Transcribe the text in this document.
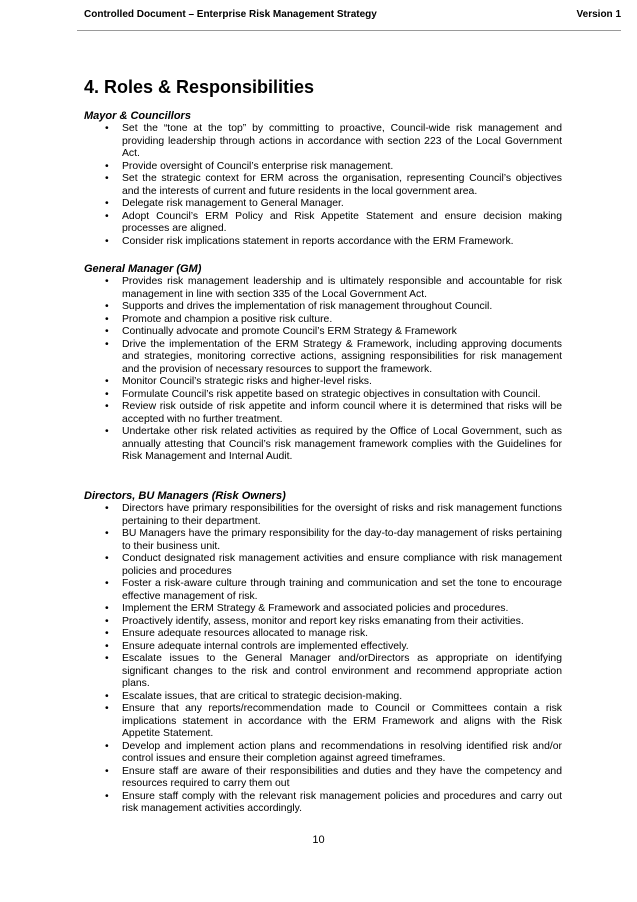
Controlled Document – Enterprise Risk Management Strategy	Version 1
4. Roles & Responsibilities
Mayor & Councillors
• Set the “tone at the top” by committing to proactive, Council-wide risk management and providing leadership through actions in accordance with section 223 of the Local Government Act.
• Provide oversight of Council’s enterprise risk management.
• Set the strategic context for ERM across the organisation, representing Council’s objectives and the interests of current and future residents in the local government area.
• Delegate risk management to General Manager.
• Adopt Council’s ERM Policy and Risk Appetite Statement and ensure decision making processes are aligned.
• Consider risk implications statement in reports accordance with the ERM Framework.
General Manager (GM)
• Provides risk management leadership and is ultimately responsible and accountable for risk management in line with section 335 of the Local Government Act.
• Supports and drives the implementation of risk management throughout Council.
• Promote and champion a positive risk culture.
• Continually advocate and promote Council’s ERM Strategy & Framework
• Drive the implementation of the ERM Strategy & Framework, including approving documents and strategies, monitoring corrective actions, assigning responsibilities for risk management and the provision of necessary resources to support the framework.
• Monitor Council’s strategic risks and higher-level risks.
• Formulate Council’s risk appetite based on strategic objectives in consultation with Council.
• Review risk outside of risk appetite and inform council where it is determined that risks will be accepted with no further treatment.
• Undertake other risk related activities as required by the Office of Local Government, such as annually attesting that Council’s risk management framework complies with the Guidelines for Risk Management and Internal Audit.
Directors, BU Managers (Risk Owners)
• Directors have primary responsibilities for the oversight of risks and risk management functions pertaining to their department.
• BU Managers have the primary responsibility for the day-to-day management of risks pertaining to their business unit.
• Conduct designated risk management activities and ensure compliance with risk management policies and procedures
• Foster a risk-aware culture through training and communication and set the tone to encourage effective management of risk.
• Implement the ERM Strategy & Framework and associated policies and procedures.
• Proactively identify, assess, monitor and report key risks emanating from their activities.
• Ensure adequate resources allocated to manage risk.
• Ensure adequate internal controls are implemented effectively.
• Escalate issues to the General Manager and/orDirectors as appropriate on identifying significant changes to the risk and control environment and recommend appropriate action plans.
• Escalate issues, that are critical to strategic decision-making.
• Ensure that any reports/recommendation made to Council or Committees contain a risk implications statement in accordance with the ERM Framework and aligns with the Risk Appetite Statement.
• Develop and implement action plans and recommendations in resolving identified risk and/or control issues and ensure their completion against agreed timeframes.
• Ensure staff are aware of their responsibilities and duties and they have the competency and resources required to carry them out
• Ensure staff comply with the relevant risk management policies and procedures and carry out risk management activities accordingly.
10
